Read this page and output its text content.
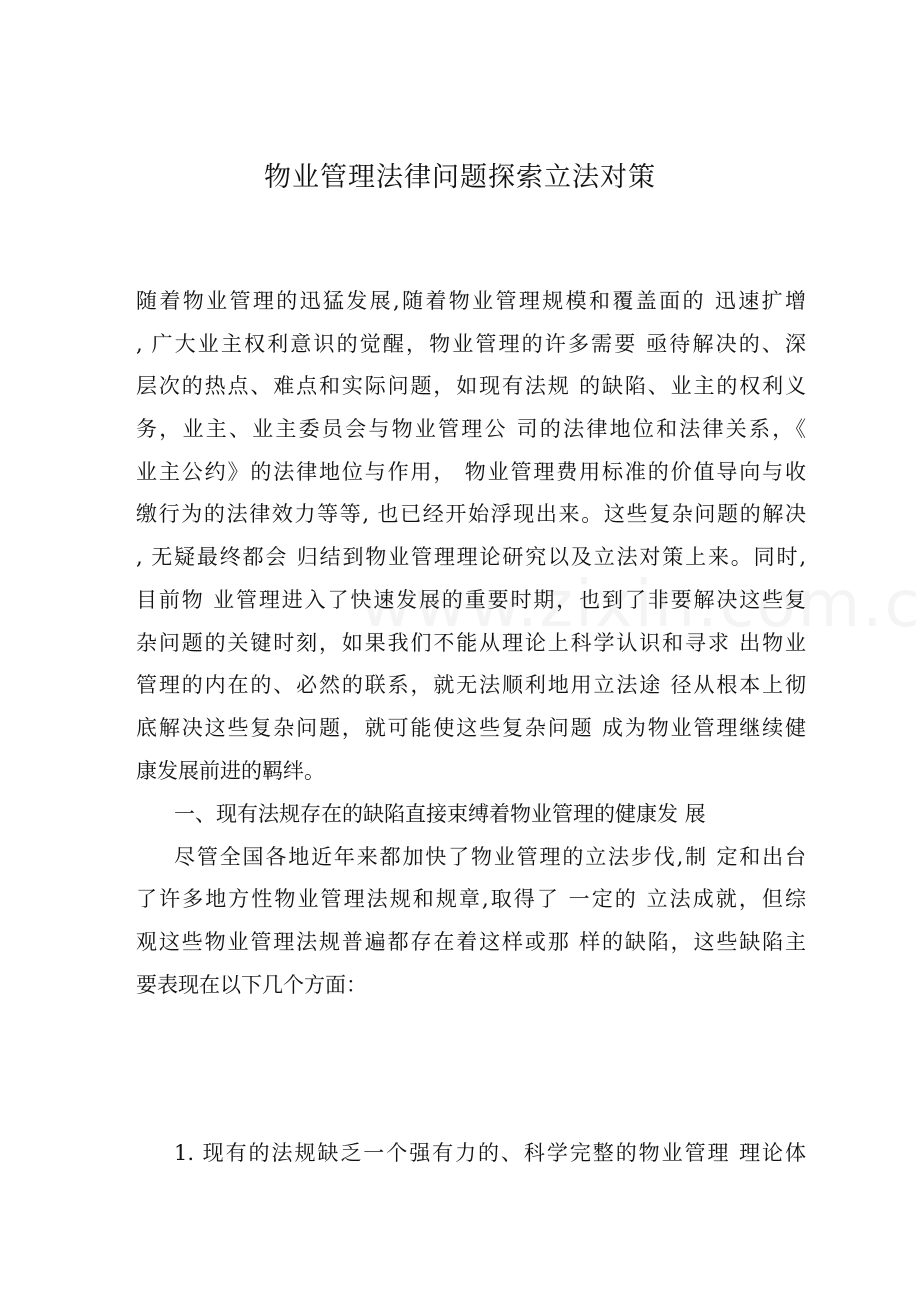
物业管理法律问题探索立法对策
随着物业管理的迅猛发展,随着物业管理规模和覆盖面的 迅速扩增
, 广大业主权利意识的觉醒，物业管理的许多需要 亟待解决的、深
层次的热点、难点和实际问题，如现有法规 的缺陷、业主的权利义
务，业主、业主委员会与物业管理公 司的法律地位和法律关系，《
业主公约》的法律地位与作用， 物业管理费用标准的价值导向与收
缴行为的法律效力等等, 也已经开始浮现出来。这些复杂问题的解决
, 无疑最终都会 归结到物业管理理论研究以及立法对策上来。同时,
目前物 业管理进入了快速发展的重要时期，也到了非要解决这些复
杂问题的关键时刻，如果我们不能从理论上科学认识和寻求 出物业
管理的内在的、必然的联系，就无法顺利地用立法途 径从根本上彻
底解决这些复杂问题，就可能使这些复杂问题 成为物业管理继续健
康发展前进的羁绊。
一、现有法规存在的缺陷直接束缚着物业管理的健康发 展
尽管全国各地近年来都加快了物业管理的立法步伐,制 定和出台
了许多地方性物业管理法规和规章,取得了 一定的 立法成就，但综
观这些物业管理法规普遍都存在着这样或那 样的缺陷，这些缺陷主
要表现在以下几个方面：
1. 现有的法规缺乏一个强有力的、科学完整的物业管理 理论体
